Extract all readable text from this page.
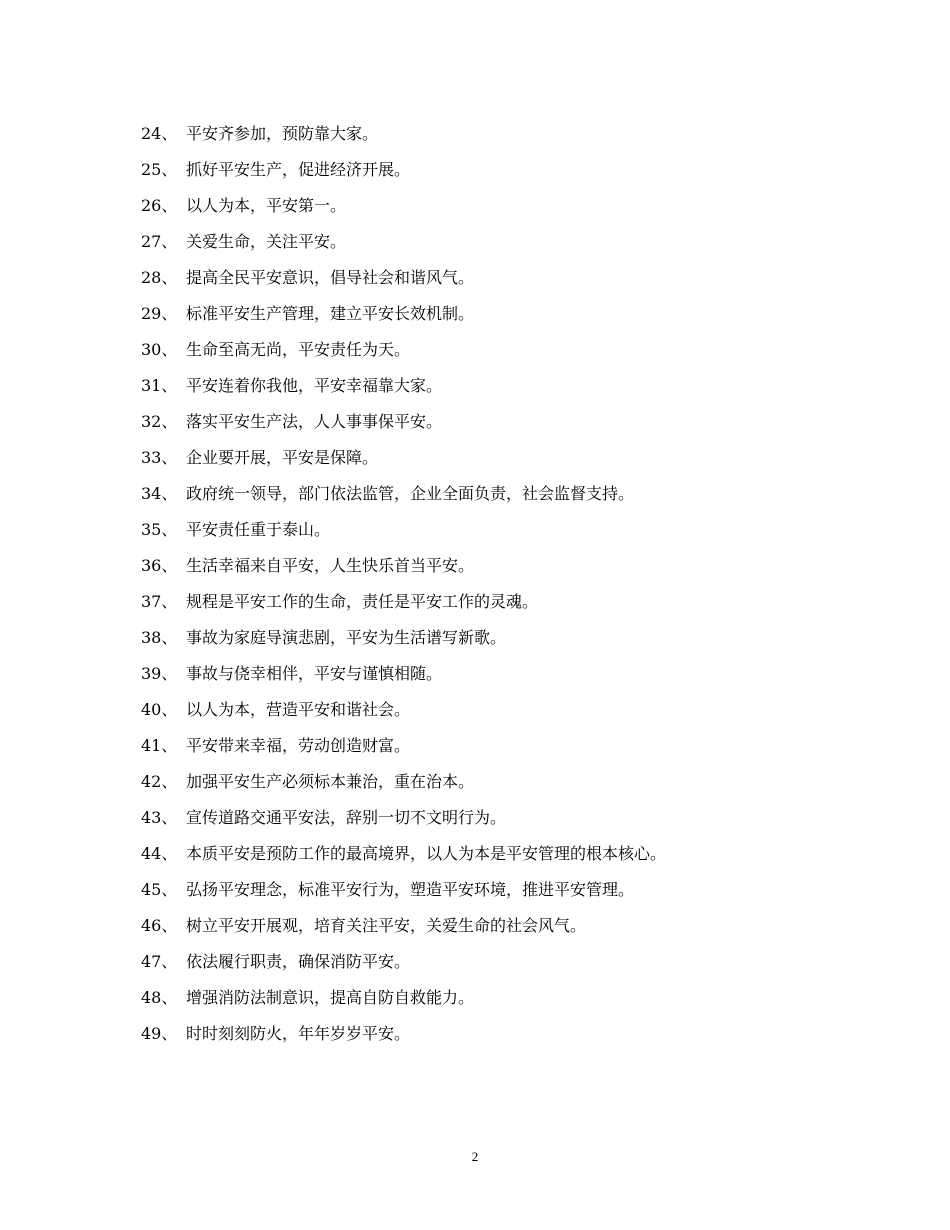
24、 平安齐参加，预防靠大家。
25、 抓好平安生产，促进经济开展。
26、 以人为本，平安第一。
27、 关爱生命，关注平安。
28、 提高全民平安意识，倡导社会和谐风气。
29、 标准平安生产管理，建立平安长效机制。
30、 生命至高无尚，平安责任为天。
31、 平安连着你我他，平安幸福靠大家。
32、 落实平安生产法，人人事事保平安。
33、 企业要开展，平安是保障。
34、 政府统一领导，部门依法监管，企业全面负责，社会监督支持。
35、 平安责任重于泰山。
36、 生活幸福来自平安，人生快乐首当平安。
37、 规程是平安工作的生命，责任是平安工作的灵魂。
38、 事故为家庭导演悲剧，平安为生活谱写新歌。
39、 事故与侥幸相伴，平安与谨慎相随。
40、 以人为本，营造平安和谐社会。
41、 平安带来幸福，劳动创造财富。
42、 加强平安生产必须标本兼治，重在治本。
43、 宣传道路交通平安法，辞别一切不文明行为。
44、 本质平安是预防工作的最高境界，以人为本是平安管理的根本核心。
45、 弘扬平安理念，标准平安行为，塑造平安环境，推进平安管理。
46、 树立平安开展观，培育关注平安，关爱生命的社会风气。
47、 依法履行职责，确保消防平安。
48、 增强消防法制意识，提高自防自救能力。
49、 时时刻刻防火，年年岁岁平安。
2
